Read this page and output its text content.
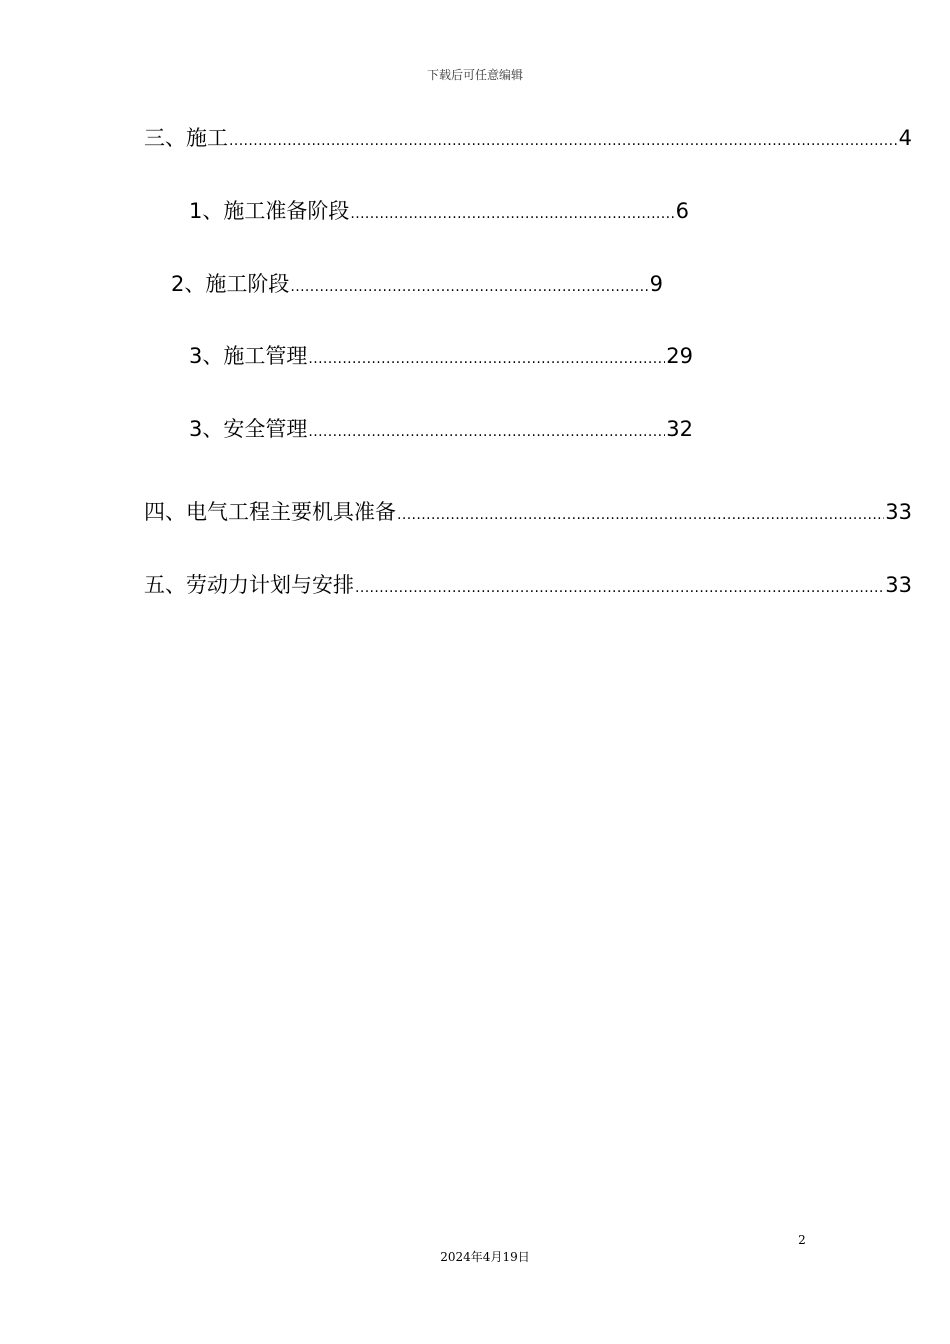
下载后可任意编辑
三、施工 .....	4
1、施工准备阶段 .....	6
2、施工阶段 .....	9
3、施工管理 .....	29
3、安全管理 .....	32
四、电气工程主要机具准备 .....	33
五、劳动力计划与安排 .....	33
2
2024年4月19日
